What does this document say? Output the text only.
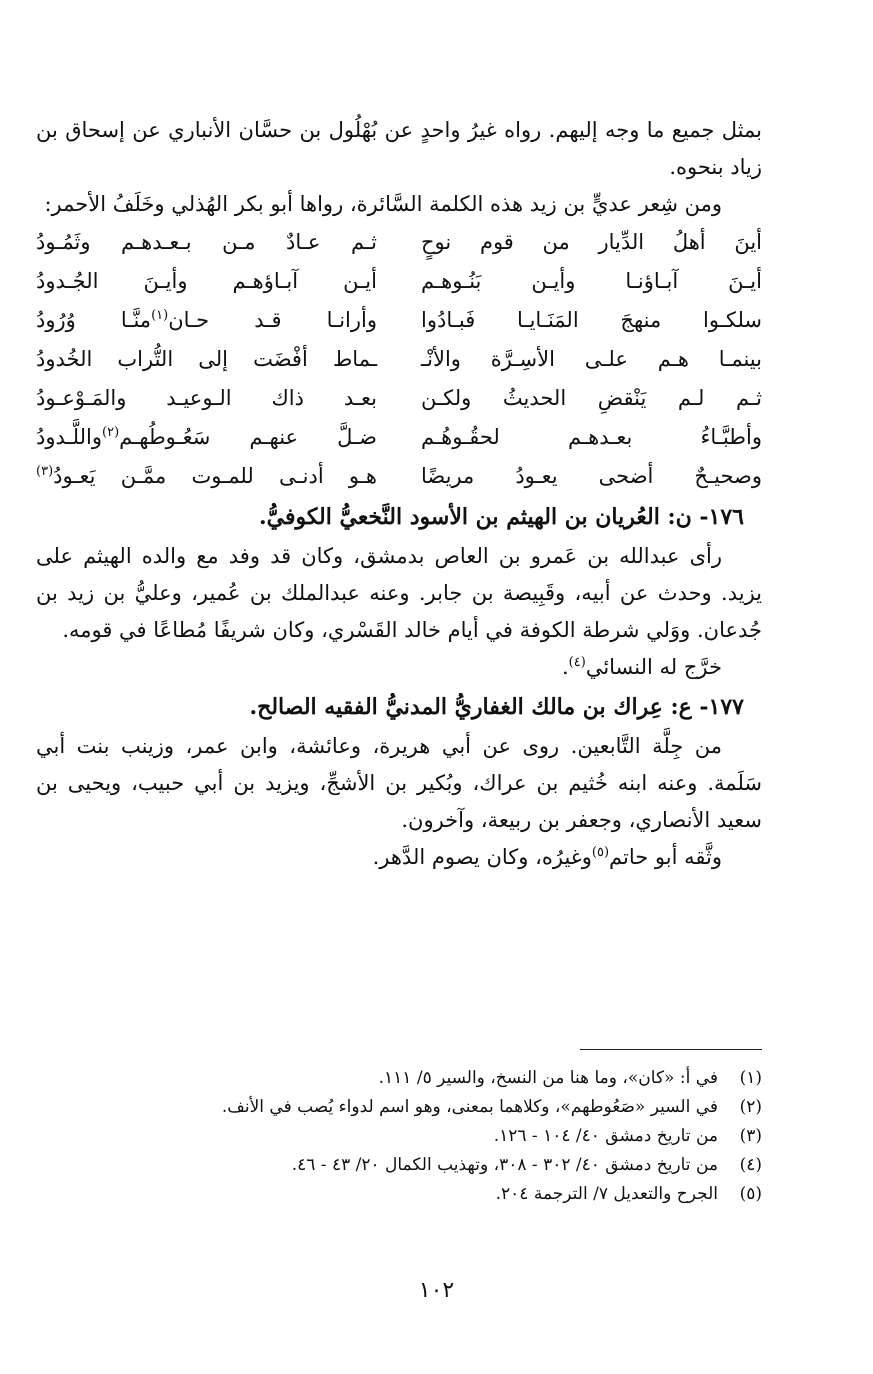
بمثل جميع ما وجه إليهم. رواه غيرُ واحدٍ عن بُهْلُول بن حسَّان الأنباري عن إسحاق بن زياد بنحوه.

ومن شِعر عديٍّ بن زيد هذه الكلمة السَّائرة، رواها أبو بكر الهُذلي وخَلَفُ الأحمر:

أينَ أهلُ الدِّيار من قوم نوحٍ
ثـم عـادٌ مـن بـعـدهـم وثَمُـودُ
أيـنَ آبـاؤنـا وأيـن بَنُـوهـم
أيـن آبـاؤهـم وأيـنَ الجُـدودُ
سلكـوا منهجَ المَنَـايـا فَبـادُوا
وأرانـا قـد حـان$^{(١)}$منَّـا وُرُودُ
بينمـا هـم علـى الأسِـرَّة والأنْـ
ـماط أفْضَت إلى التُّراب الخُدودُ
ثـم لـم يَنْقضِ الحديثُ ولكـن
بعـد ذاك الـوعيـد والمَـوْعـودُ
وأطبَّـاءُ بعـدهـم لحقُـوهُـم
ضـلَّ عنهـم سَعُـوطُهـم$^{(٢)}$واللَّـدودُ
وصحيـحٌ أضحى يعـودُ مريضًا
هـو أدنـى للمـوت ممَّـن يَعـودُ$^{(٣)}$

١٧٦- ن: العُريان بن الهيثم بن الأسود النَّخعيُّ الكوفيُّ.

رأى عبدالله بن عَمرو بن العاص بدمشق، وكان قد وفد مع والده الهيثم على يزيد. وحدث عن أبيه، وقَبِيصة بن جابر. وعنه عبدالملك بن عُمير، وعليُّ بن زيد بن جُدعان. ووَلي شرطة الكوفة في أيام خالد القَسْري، وكان شريفًا مُطاعًا في قومه.

خرَّج له النسائي$^{(٤)}$.

١٧٧- ع: عِراك بن مالك الغفاريُّ المدنيُّ الفقيه الصالح.

من جِلَّة التَّابعين. روى عن أبي هريرة، وعائشة، وابن عمر، وزينب بنت أبي سَلَمة. وعنه ابنه خُثيم بن عراك، وبُكير بن الأشجِّ، ويزيد بن أبي حبيب، ويحيى بن سعيد الأنصاري، وجعفر بن ربيعة، وآخرون.

وثَّقه أبو حاتم$^{(٥)}$وغيرُه، وكان يصوم الدَّهر.

(١)
في أ: «كان»، وما هنا من النسخ، والسير ٥/ ١١١.
(٢)
في السير «صَعُوطهم»، وكلاهما بمعنى، وهو اسم لدواء يُصب في الأنف.
(٣)
من تاريخ دمشق ٤٠/ ١٠٤ - ١٢٦.
(٤)
من تاريخ دمشق ٤٠/ ٣٠٢ - ٣٠٨، وتهذيب الكمال ٢٠/ ٤٣ - ٤٦.
(٥)
الجرح والتعديل ٧/ الترجمة ٢٠٤.
١٠٢
